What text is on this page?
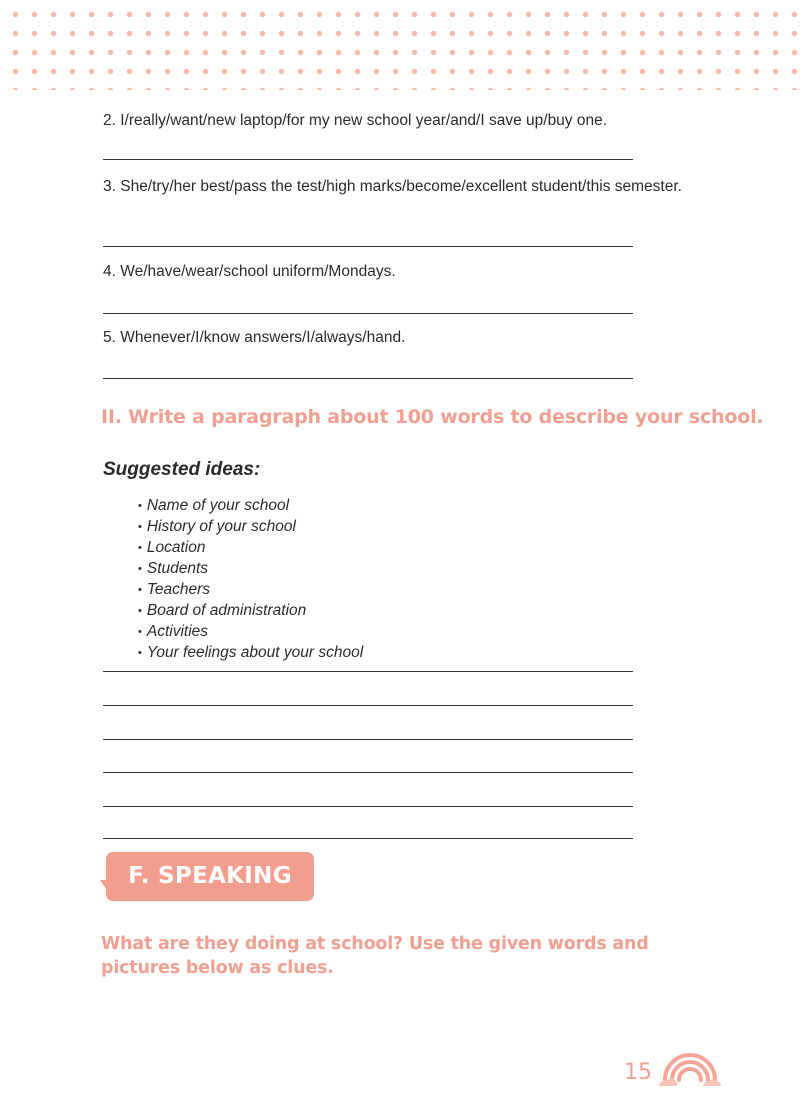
2. I/really/want/new laptop/for my new school year/and/I save up/buy one.

3. She/try/her best/pass the test/high marks/become/excellent student/this semester.

4. We/have/wear/school uniform/Mondays.

5. Whenever/I/know answers/I/always/hand.

II. Write a paragraph about 100 words to describe your school.
Suggested ideas:
• Name of your school
• History of your school
• Location
• Students
• Teachers
• Board of administration
• Activities
• Your feelings about your school
F. SPEAKING
What are they doing at school? Use the given words and pictures below as clues.
15
